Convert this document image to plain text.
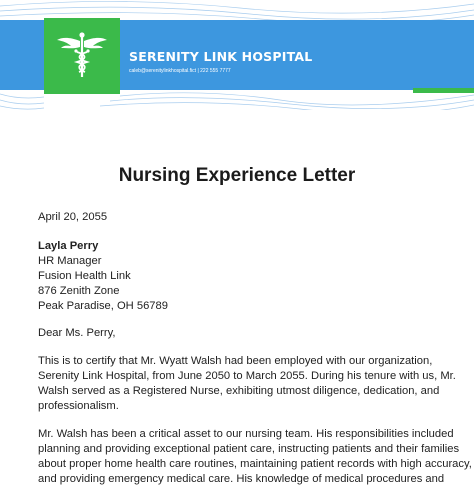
SERENITY LINK HOSPITAL
caleb@serenitylinkhospital.fict | 222 555 7777
Nursing Experience Letter
April 20, 2055
Layla Perry
HR Manager
Fusion Health Link
876 Zenith Zone
Peak Paradise, OH 56789
Dear Ms. Perry,
This is to certify that Mr. Wyatt Walsh had been employed with our organization,
Serenity Link Hospital, from June 2050 to March 2055. During his tenure with us, Mr.
Walsh served as a Registered Nurse, exhibiting utmost diligence, dedication, and
professionalism.
Mr. Walsh has been a critical asset to our nursing team. His responsibilities included
planning and providing exceptional patient care, instructing patients and their families
about proper home health care routines, maintaining patient records with high accuracy,
and providing emergency medical care. His knowledge of medical procedures and
